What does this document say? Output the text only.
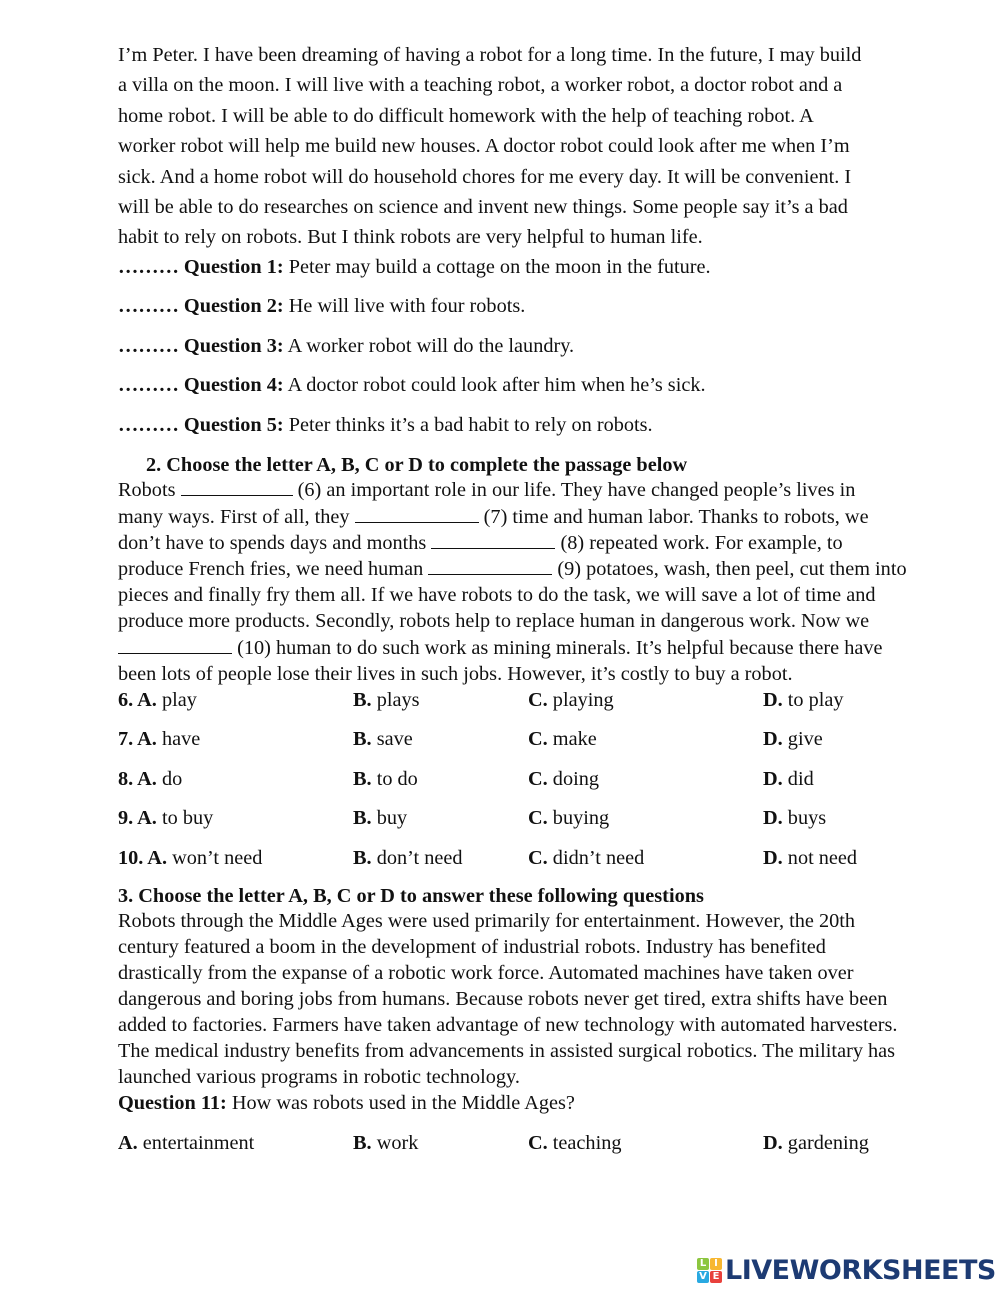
I’m Peter. I have been dreaming of having a robot for a long time. In the future, I may build

a villa on the moon. I will live with a teaching robot, a worker robot, a doctor robot and a

home robot. I will be able to do difficult homework with the help of teaching robot. A

worker robot will help me build new houses. A doctor robot could look after me when I’m

sick. And a home robot will do household chores for me every day. It will be convenient. I

will be able to do researches on science and invent new things. Some people say it’s a bad

habit to rely on robots. But I think robots are very helpful to human life.

……… Question 1: Peter may build a cottage on the moon in the future.
……… Question 2: He will live with four robots.
……… Question 3: A worker robot will do the laundry.
……… Question 4: A doctor robot could look after him when he’s sick.
……… Question 5: Peter thinks it’s a bad habit to rely on robots.
2. Choose the letter A, B, C or D to complete the passage below

Robots	(6) an important role in our life. They have changed people’s lives in

many ways. First of all, they	(7) time and human labor. Thanks to robots, we

don’t have to spends days and months	(8) repeated work. For example, to

produce French fries, we need human	(9) potatoes, wash, then peel, cut them into

pieces and finally fry them all. If we have robots to do the task, we will save a lot of time and

produce more products. Secondly, robots help to replace human in dangerous work. Now we

(10) human to do such work as mining minerals. It’s helpful because there have

been lots of people lose their lives in such jobs. However, it’s costly to buy a robot.

6. A. play	B. plays	C. playing	D. to play
7. A. have	B. save	C. make	D. give
8. A. do	B. to do	C. doing	D. did
9. A. to buy	B. buy	C. buying	D. buys
10. A. won’t need	B. don’t need	C. didn’t need	D. not need
3. Choose the letter A, B, C or D to answer these following questions

Robots through the Middle Ages were used primarily for entertainment. However, the 20th

century featured a boom in the development of industrial robots. Industry has benefited

drastically from the expanse of a robotic work force. Automated machines have taken over

dangerous and boring jobs from humans. Because robots never get tired, extra shifts have been

added to factories. Farmers have taken advantage of new technology with automated harvesters.

The medical industry benefits from advancements in assisted surgical robotics. The military has

launched various programs in robotic technology.

Question 11: How was robots used in the Middle Ages?
A. entertainment	B. work	C. teaching	D. gardening
L I
V E LIVEWORKSHEETS
